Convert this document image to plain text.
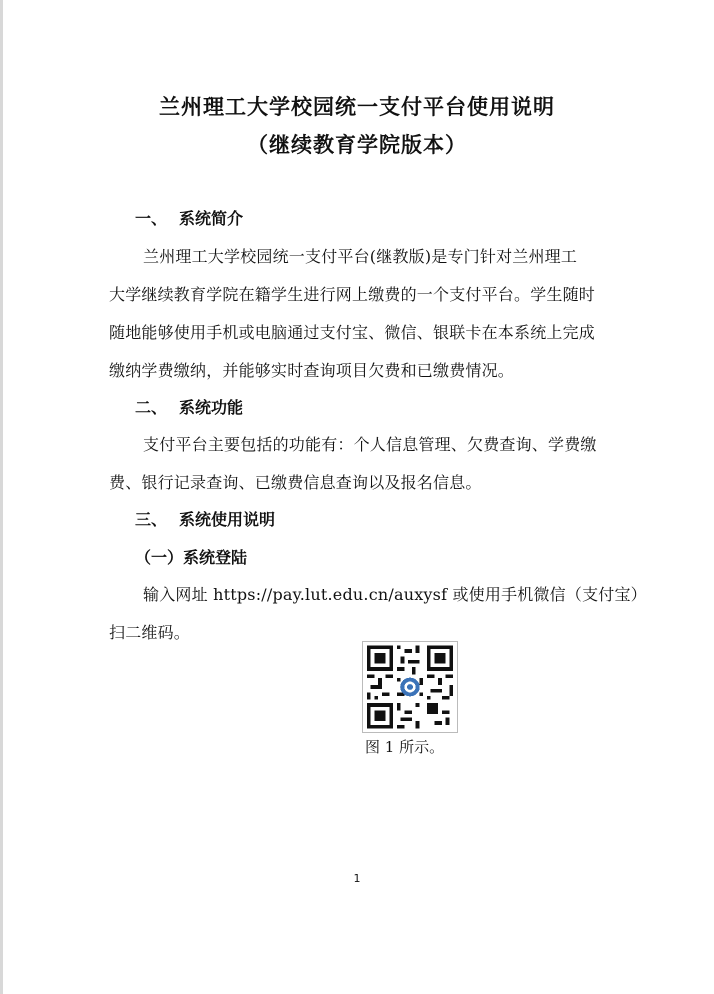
兰州理工大学校园统一支付平台使用说明
（继续教育学院版本）
一、 系统简介
兰州理工大学校园统一支付平台(继教版)是专门针对兰州理工
大学继续教育学院在籍学生进行网上缴费的一个支付平台。学生随时
随地能够使用手机或电脑通过支付宝、微信、银联卡在本系统上完成
缴纳学费缴纳，并能够实时查询项目欠费和已缴费情况。
二、 系统功能
支付平台主要包括的功能有：个人信息管理、欠费查询、学费缴
费、银行记录查询、已缴费信息查询以及报名信息。
三、 系统使用说明
（一）系统登陆
输入网址 https://pay.lut.edu.cn/auxysf 或使用手机微信（支付宝）
扫二维码。
图 1 所示。
1
